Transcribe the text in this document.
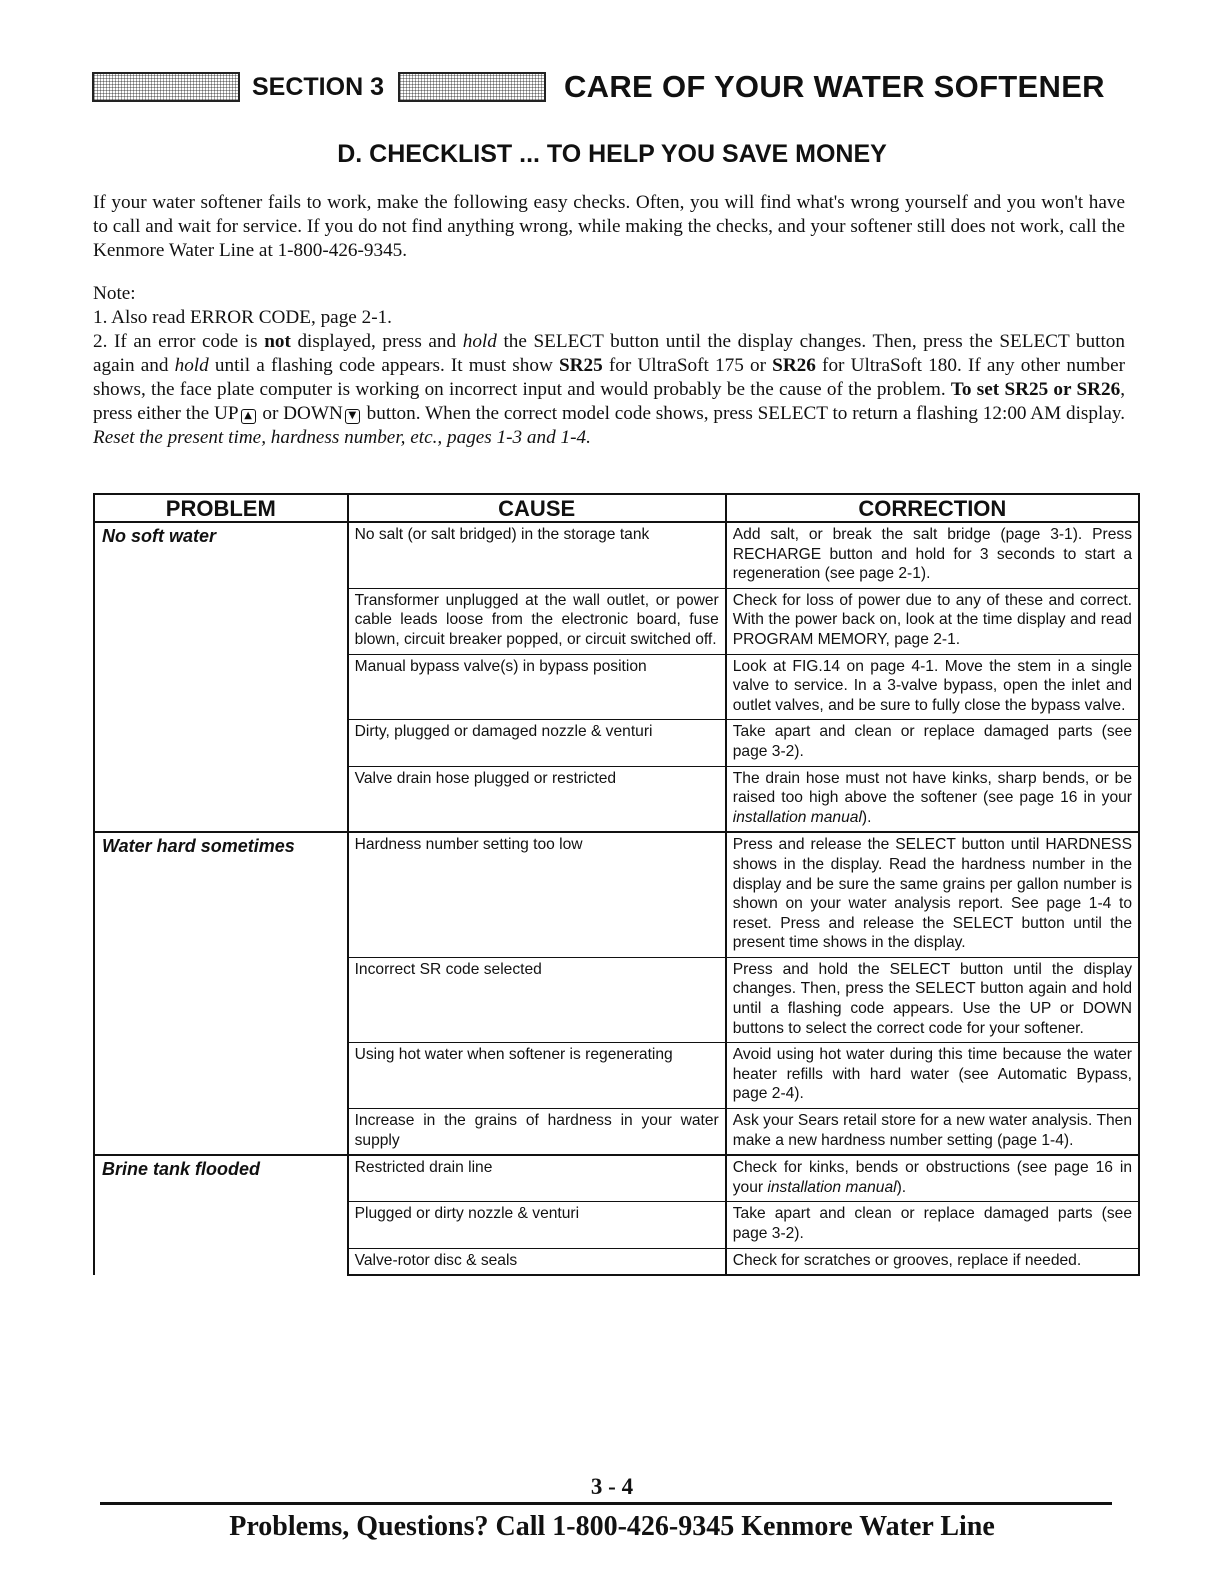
SECTION 3	CARE OF YOUR WATER SOFTENER
D. CHECKLIST ... TO HELP YOU SAVE MONEY

If your water softener fails to work, make the following easy checks. Often, you will find what's wrong yourself and you won't have to call and wait for service. If you do not find anything wrong, while making the checks, and your softener still does not work, call the Kenmore Water Line at 1-800-426-9345.

Note:
1. Also read ERROR CODE, page 2-1.

2. If an error code is not displayed, press and hold the SELECT button until the display changes. Then, press the SELECT button again and hold until a flashing code appears. It must show SR25 for UltraSoft 175 or SR26 for UltraSoft 180. If any other number shows, the face plate computer is working on incorrect input and would probably be the cause of the problem. To set SR25 or SR26, press either the UP ▲ or DOWN ▼ button. When the correct model code shows, press SELECT to return a flashing 12:00 AM display. Reset the present time, hardness number, etc., pages 1-3 and 1-4.

PROBLEM	CAUSE	CORRECTION
No soft water	No salt (or salt bridged) in the storage tank	Add salt, or break the salt bridge (page 3-1). Press RECHARGE button and hold for 3 seconds to start a regeneration (see page 2-1).
	Transformer unplugged at the wall outlet, or power cable leads loose from the electronic board, fuse blown, circuit breaker popped, or circuit switched off.	Check for loss of power due to any of these and correct. With the power back on, look at the time display and read PROGRAM MEMORY, page 2-1.
	Manual bypass valve(s) in bypass position	Look at FIG.14 on page 4-1. Move the stem in a single valve to service. In a 3-valve bypass, open the inlet and outlet valves, and be sure to fully close the bypass valve.
	Dirty, plugged or damaged nozzle & venturi	Take apart and clean or replace damaged parts (see page 3-2).
	Valve drain hose plugged or restricted	The drain hose must not have kinks, sharp bends, or be raised too high above the softener (see page 16 in your installation manual).
Water hard sometimes	Hardness number setting too low	Press and release the SELECT button until HARDNESS shows in the display. Read the hardness number in the display and be sure the same grains per gallon number is shown on your water analysis report. See page 1-4 to reset. Press and release the SELECT button until the present time shows in the display.
	Incorrect SR code selected	Press and hold the SELECT button until the display changes. Then, press the SELECT button again and hold until a flashing code appears. Use the UP or DOWN buttons to select the correct code for your softener.
	Using hot water when softener is regenerating	Avoid using hot water during this time because the water heater refills with hard water (see Automatic Bypass, page 2-4).
	Increase in the grains of hardness in your water supply	Ask your Sears retail store for a new water analysis. Then make a new hardness number setting (page 1-4).
Brine tank flooded	Restricted drain line	Check for kinks, bends or obstructions (see page 16 in your installation manual).
	Plugged or dirty nozzle & venturi	Take apart and clean or replace damaged parts (see page 3-2).
	Valve-rotor disc & seals	Check for scratches or grooves, replace if needed.
3 - 4
Problems, Questions? Call 1-800-426-9345 Kenmore Water Line
